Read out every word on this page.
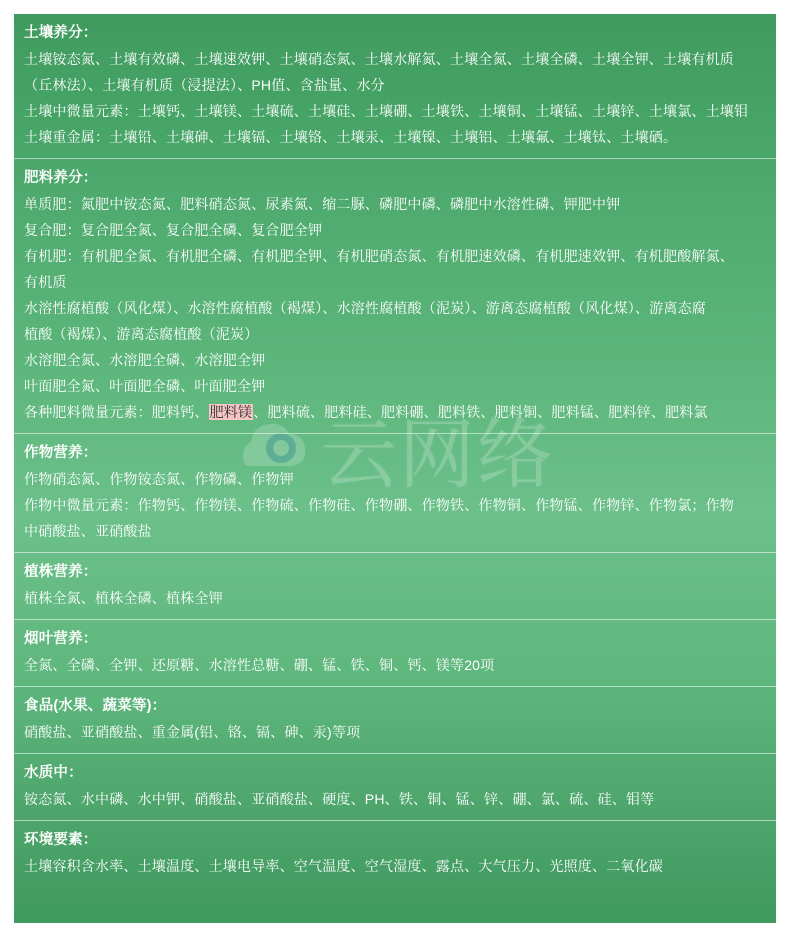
云网络
土壤养分：
土壤铵态氮、土壤有效磷、土壤速效钾、土壤硝态氮、土壤水解氮、土壤全氮、土壤全磷、土壤全钾、土壤有机质
（丘林法）、土壤有机质（浸提法）、PH值、含盐量、水分
土壤中微量元素：土壤钙、土壤镁、土壤硫、土壤硅、土壤硼、土壤铁、土壤铜、土壤锰、土壤锌、土壤氯、土壤钼
土壤重金属：土壤铅、土壤砷、土壤镉、土壤铬、土壤汞、土壤镍、土壤铝、土壤氟、土壤钛、土壤硒。
肥料养分：
单质肥：氮肥中铵态氮、肥料硝态氮、尿素氮、缩二脲、磷肥中磷、磷肥中水溶性磷、钾肥中钾
复合肥：复合肥全氮、复合肥全磷、复合肥全钾
有机肥：有机肥全氮、有机肥全磷、有机肥全钾、有机肥硝态氮、有机肥速效磷、有机肥速效钾、有机肥酸解氮、
有机质
水溶性腐植酸（风化煤）、水溶性腐植酸（褐煤）、水溶性腐植酸（泥炭）、游离态腐植酸（风化煤）、游离态腐
植酸（褐煤）、游离态腐植酸（泥炭）
水溶肥全氮、水溶肥全磷、水溶肥全钾
叶面肥全氮、叶面肥全磷、叶面肥全钾
各种肥料微量元素：肥料钙、肥料镁、肥料硫、肥料硅、肥料硼、肥料铁、肥料铜、肥料锰、肥料锌、肥料氯
作物营养：
作物硝态氮、作物铵态氮、作物磷、作物钾
作物中微量元素：作物钙、作物镁、作物硫、作物硅、作物硼、作物铁、作物铜、作物锰、作物锌、作物氯；作物
中硝酸盐、亚硝酸盐
植株营养：
植株全氮、植株全磷、植株全钾
烟叶营养：
全氮、全磷、全钾、还原糖、水溶性总糖、硼、锰、铁、铜、钙、镁等20项
食品(水果、蔬菜等)：
硝酸盐、亚硝酸盐、重金属(铅、铬、镉、砷、汞)等项
水质中：
铵态氮、水中磷、水中钾、硝酸盐、亚硝酸盐、硬度、PH、铁、铜、锰、锌、硼、氯、硫、硅、钼等
环境要素：
土壤容积含水率、土壤温度、土壤电导率、空气温度、空气湿度、露点、大气压力、光照度、二氧化碳
